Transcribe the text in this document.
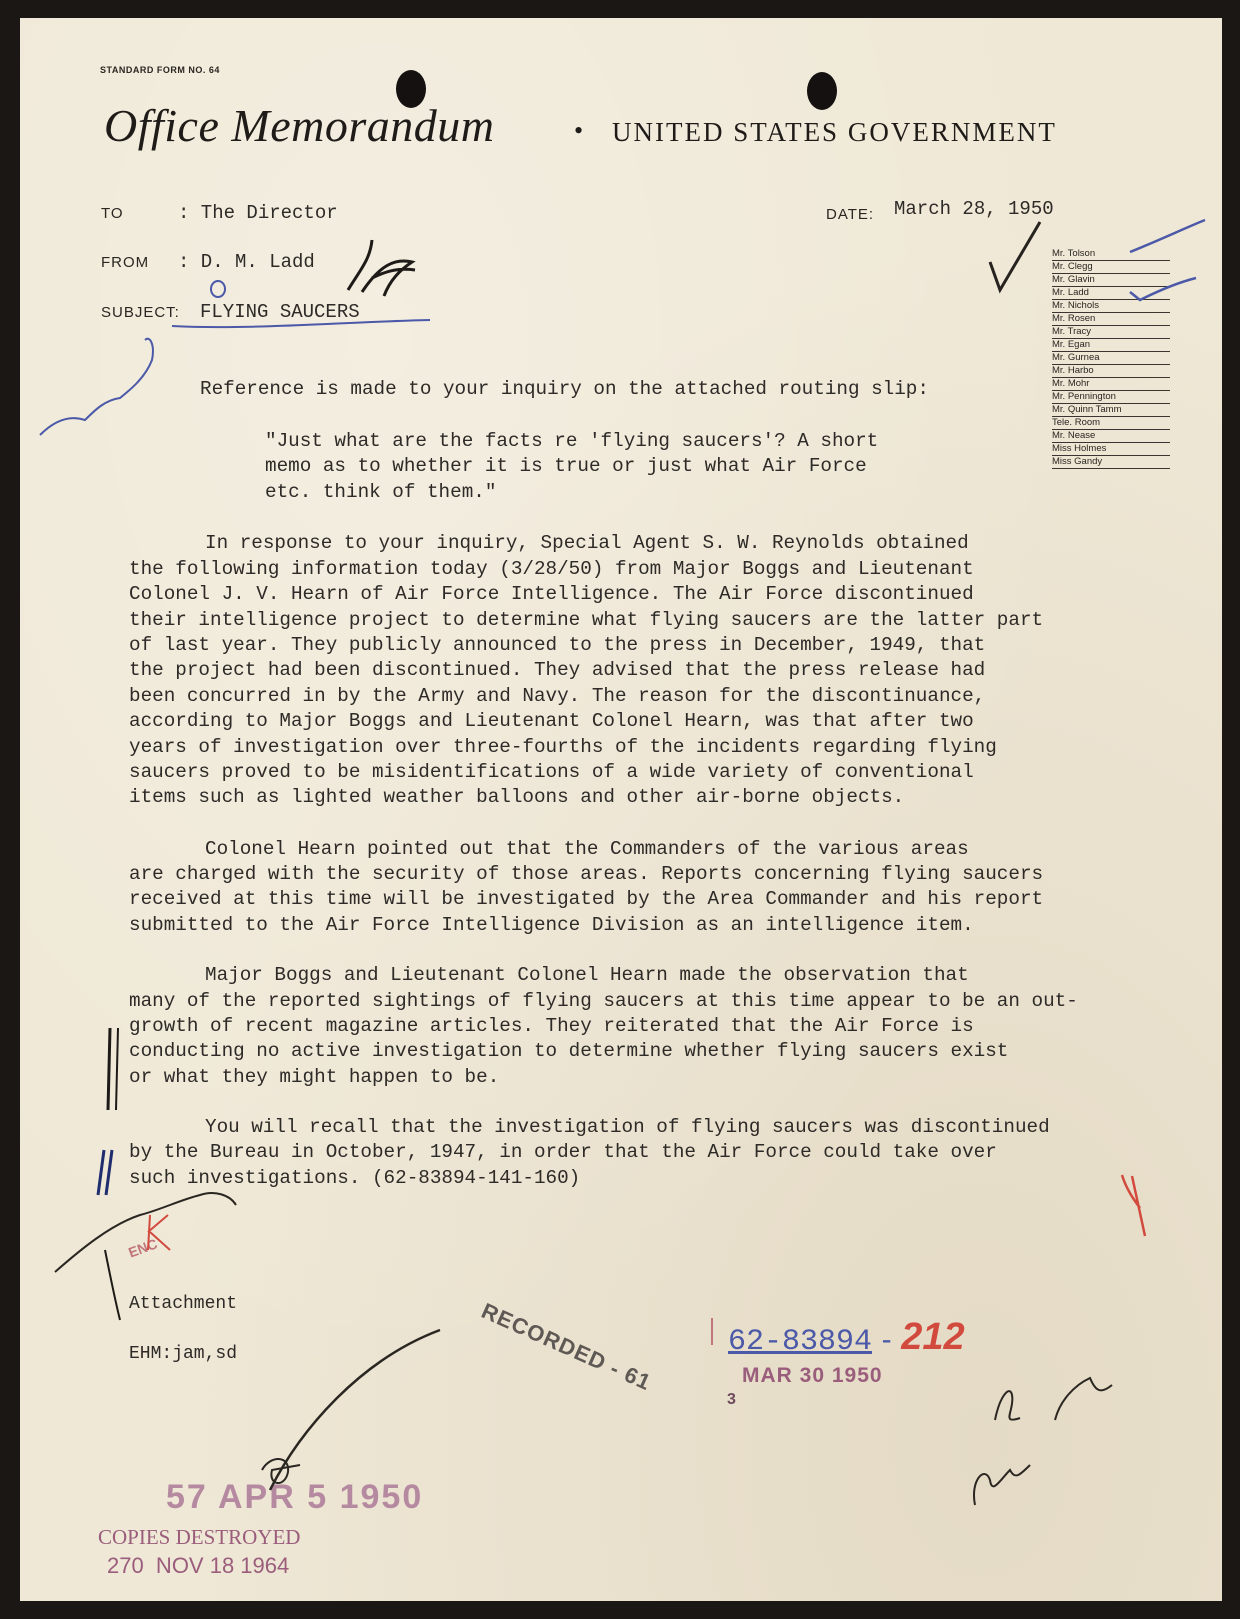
STANDARD FORM NO. 64
Office Memorandum	• UNITED STATES GOVERNMENT
TO	: The Director
FROM : D. M. Ladd
SUBJECT: FLYING SAUCERS
DATE: March 28, 1950
Mr. Tolson
Mr. Clegg
Mr. Glavin
Mr. Ladd
Mr. Nichols
Mr. Rosen
Mr. Tracy
Mr. Egan
Mr. Gurnea
Mr. Harbo
Mr. Mohr
Mr. Pennington
Mr. Quinn Tamm
Tele. Room
Mr. Nease
Miss Holmes
Miss Gandy
Reference is made to your inquiry on the attached routing slip:
"Just what are the facts re 'flying saucers'? A short
memo as to whether it is true or just what Air Force
etc. think of them."
In response to your inquiry, Special Agent S. W. Reynolds obtained
the following information today (3/28/50) from Major Boggs and Lieutenant
Colonel J. V. Hearn of Air Force Intelligence. The Air Force discontinued
their intelligence project to determine what flying saucers are the latter part
of last year. They publicly announced to the press in December, 1949, that
the project had been discontinued. They advised that the press release had
been concurred in by the Army and Navy. The reason for the discontinuance,
according to Major Boggs and Lieutenant Colonel Hearn, was that after two
years of investigation over three-fourths of the incidents regarding flying
saucers proved to be misidentifications of a wide variety of conventional
items such as lighted weather balloons and other air-borne objects.
Colonel Hearn pointed out that the Commanders of the various areas
are charged with the security of those areas. Reports concerning flying saucers
received at this time will be investigated by the Area Commander and his report
submitted to the Air Force Intelligence Division as an intelligence item.
Major Boggs and Lieutenant Colonel Hearn made the observation that
many of the reported sightings of flying saucers at this time appear to be an out-
growth of recent magazine articles. They reiterated that the Air Force is
conducting no active investigation to determine whether flying saucers exist
or what they might happen to be.
You will recall that the investigation of flying saucers was discontinued
by the Bureau in October, 1947, in order that the Air Force could take over
such investigations. (62-83894-141-160)
Attachment
EHM:jam,sd	RECORDED - 61 62-83894 - 212
MAR 30 1950
3
57 APR 5 1950
COPIES DESTROYED
270  NOV 18 1964
ENC
